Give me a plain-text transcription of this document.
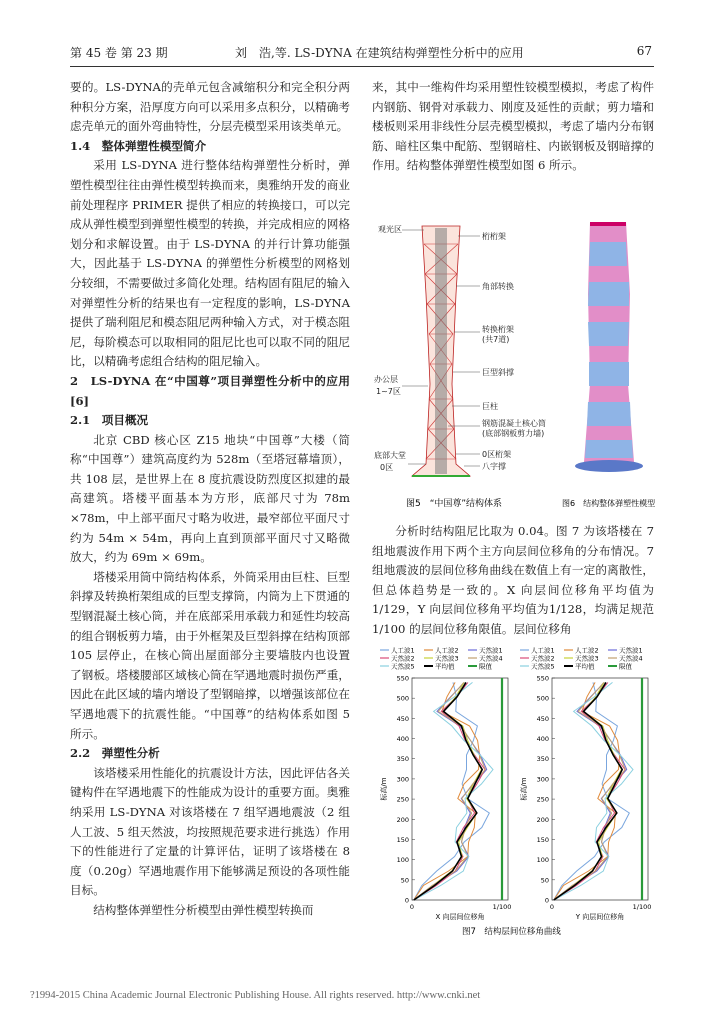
第 45 卷 第 23 期	刘　浩,等. LS-DYNA 在建筑结构弹塑性分析中的应用	67

要的。LS-DYNA的壳单元包含减缩积分和完全积分两种积分方案，沿厚度方向可以采用多点积分，以精确考虑壳单元的面外弯曲特性，分层壳模型采用该类单元。

1.4　整体弹塑性模型简介

采用 LS-DYNA 进行整体结构弹塑性分析时，弹塑性模型往往由弹性模型转换而来，奥雅纳开发的商业前处理程序 PRIMER 提供了相应的转换接口，可以完成从弹性模型到弹塑性模型的转换，并完成相应的网格划分和求解设置。由于 LS-DYNA 的并行计算功能强大，因此基于 LS-DYNA 的弹塑性分析模型的网格划分较细，不需要做过多简化处理。结构固有阻尼的输入对弹塑性分析的结果也有一定程度的影响，LS-DYNA 提供了瑞利阻尼和模态阻尼两种输入方式，对于模态阻尼，每阶模态可以取相同的阻尼比也可以取不同的阻尼比，以精确考虑组合结构的阻尼输入。

2　LS-DYNA 在“中国尊”项目弹塑性分析中的应用[6]

2.1　项目概况

北京 CBD 核心区 Z15 地块“中国尊”大楼（简称“中国尊”）建筑高度约为 528m（至塔冠幕墙顶），共 108 层，是世界上在 8 度抗震设防烈度区拟建的最高建筑。塔楼平面基本为方形，底部尺寸为 78m ×78m，中上部平面尺寸略为收进，最窄部位平面尺寸约为 54m × 54m，再向上直到顶部平面尺寸又略微放大，约为 69m × 69m。

塔楼采用筒中筒结构体系，外筒采用由巨柱、巨型斜撑及转换桁架组成的巨型支撑筒，内筒为上下贯通的型钢混凝土核心筒，并在底部采用承载力和延性均较高的组合钢板剪力墙，由于外框架及巨型斜撑在结构顶部 105 层停止，在核心筒出屋面部分主要墙肢内也设置了钢板。塔楼腰部区域核心筒在罕遇地震时损伤严重，因此在此区域的墙内增设了型钢暗撑，以增强该部位在罕遇地震下的抗震性能。“中国尊”的结构体系如图 5 所示。

2.2　弹塑性分析

该塔楼采用性能化的抗震设计方法，因此评估各关键构件在罕遇地震下的性能成为设计的重要方面。奥雅纳采用 LS-DYNA 对该塔楼在 7 组罕遇地震波（2 组人工波、5 组天然波，均按照规范要求进行挑选）作用下的性能进行了定量的计算评估，证明了该塔楼在 8 度（0.20g）罕遇地震作用下能够满足预设的各项性能目标。

结构整体弹塑性分析模型由弹性模型转换而

来，其中一维构件均采用塑性铰模型模拟，考虑了构件内钢筋、钢骨对承载力、刚度及延性的贡献；剪力墙和楼板则采用非线性分层壳模型模拟，考虑了墙内分布钢筋、暗柱区集中配筋、型钢暗柱、内嵌钢板及钢暗撑的作用。结构整体弹塑性模型如图 6 所示。

观光区
办公层
1~7区
底部大堂
0区
桁桁架
角部转换
转换桁架
(共7道)
巨型斜撑
巨柱
钢筋混凝土核心筒
(底部钢板剪力墙)
0区桁架
八字撑
图5　“中国尊”结构体系	图6　结构整体弹塑性模型

分析时结构阻尼比取为 0.04。图 7 为该塔楼在 7 组地震波作用下两个主方向层间位移角的分布情况。7 组地震波的层间位移角曲线在数值上有一定的离散性，但总体趋势是一致的。X 向层间位移角平均值为 1/129，Y 向层间位移角平均值为1/128，均满足规范 1/100 的层间位移角限值。层间位移角

人工波1	人工波2	天然波1
天然波2	天然波3	天然波4
天然波5	平均值	限值
人工波1	人工波2	天然波1
天然波2	天然波3	天然波4
天然波5	平均值	限值
0
50
100
150
200
250
300
350
400
450
500
550
标高/m
1/100
0
X 向层间位移角
0
50
100
150
200
250
300
350
400
450
500
550
标高/m
1/100
0
Y 向层间位移角
图7　结构层间位移角曲线
?1994-2015 China Academic Journal Electronic Publishing House. All rights reserved. http://www.cnki.net
